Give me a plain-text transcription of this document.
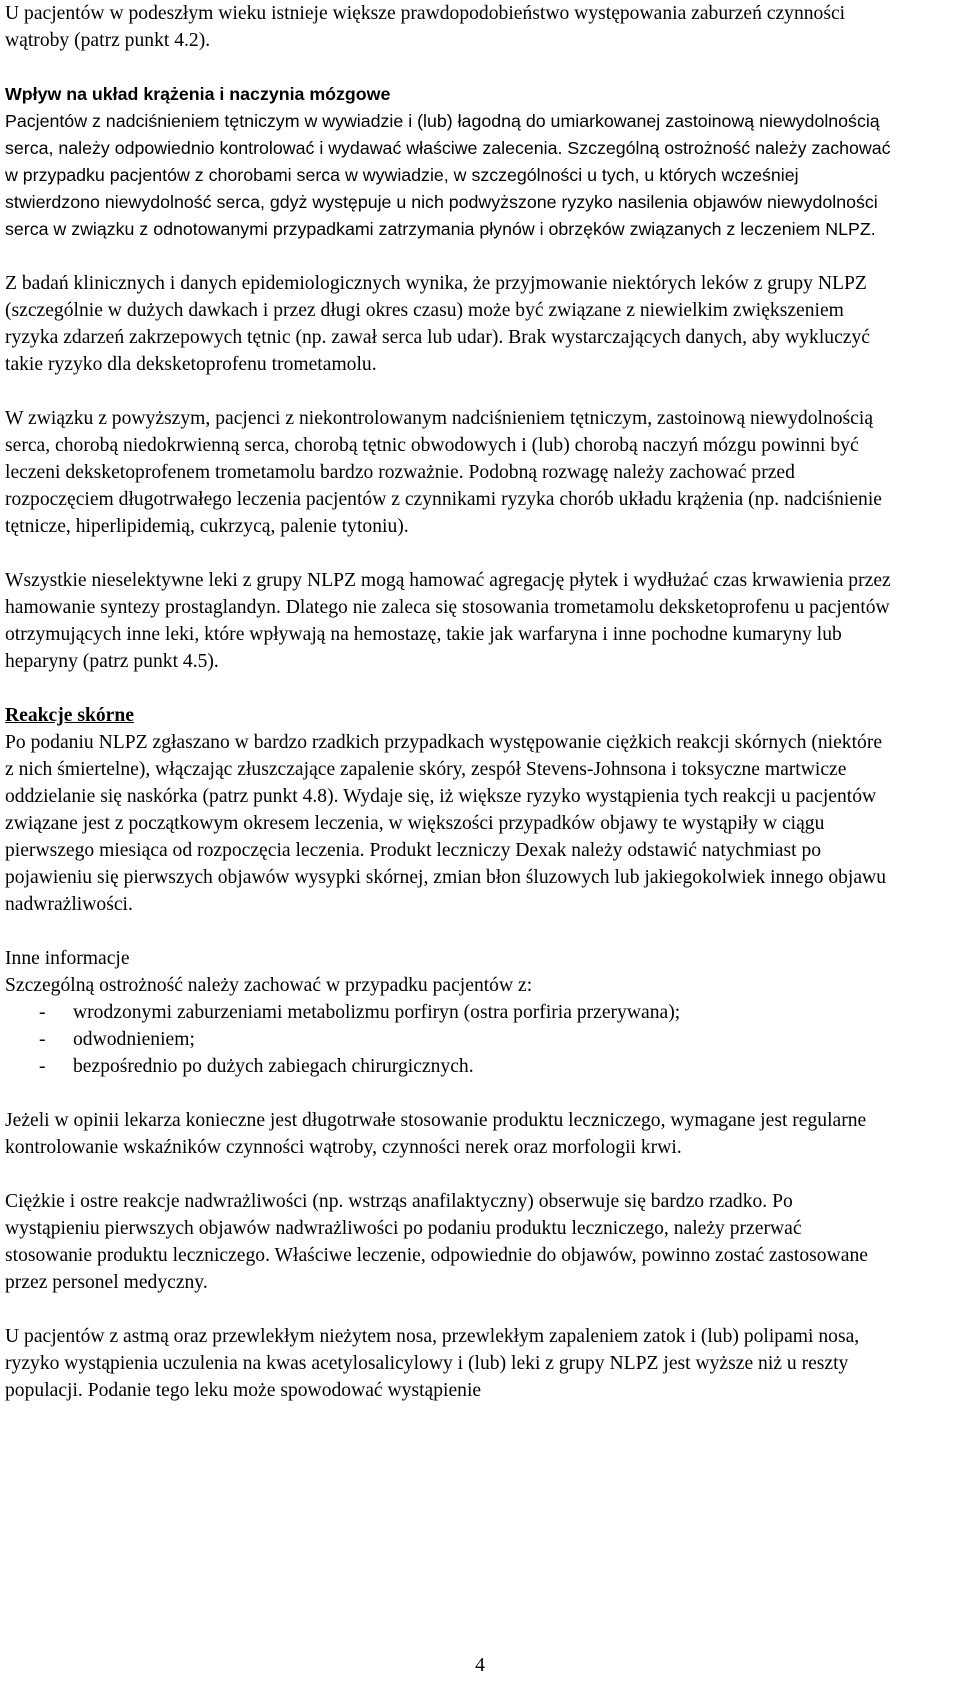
U pacjentów w podeszłym wieku istnieje większe prawdopodobieństwo występowania zaburzeń czynności wątroby (patrz punkt 4.2).

Wpływ na układ krążenia i naczynia mózgowe

Pacjentów z nadciśnieniem tętniczym w wywiadzie i (lub) łagodną do umiarkowanej zastoinową niewydolnością serca, należy odpowiednio kontrolować i wydawać właściwe zalecenia. Szczególną ostrożność należy zachować w przypadku pacjentów z chorobami serca w wywiadzie, w szczególności u tych, u których wcześniej stwierdzono niewydolność serca, gdyż występuje u nich podwyższone ryzyko nasilenia objawów niewydolności serca w związku z odnotowanymi przypadkami zatrzymania płynów i obrzęków związanych z leczeniem NLPZ.

Z badań klinicznych i danych epidemiologicznych wynika, że przyjmowanie niektórych leków z grupy NLPZ (szczególnie w dużych dawkach i przez długi okres czasu) może być związane z niewielkim zwiększeniem ryzyka zdarzeń zakrzepowych tętnic (np. zawał serca lub udar). Brak wystarczających danych, aby wykluczyć takie ryzyko dla deksketoprofenu trometamolu.

W związku z powyższym, pacjenci z niekontrolowanym nadciśnieniem tętniczym, zastoinową niewydolnością serca, chorobą niedokrwienną serca, chorobą tętnic obwodowych i (lub) chorobą naczyń mózgu powinni być leczeni deksketoprofenem trometamolu bardzo rozważnie. Podobną rozwagę należy zachować przed rozpoczęciem długotrwałego leczenia pacjentów z czynnikami ryzyka chorób układu krążenia (np. nadciśnienie tętnicze, hiperlipidemią, cukrzycą, palenie tytoniu).

Wszystkie nieselektywne leki z grupy NLPZ mogą hamować agregację płytek i wydłużać czas krwawienia przez hamowanie syntezy prostaglandyn. Dlatego nie zaleca się stosowania trometamolu deksketoprofenu u pacjentów otrzymujących inne leki, które wpływają na hemostazę, takie jak warfaryna i inne pochodne kumaryny lub heparyny (patrz punkt 4.5).

Reakcje skórne

Po podaniu NLPZ zgłaszano w bardzo rzadkich przypadkach występowanie ciężkich reakcji skórnych (niektóre z nich śmiertelne), włączając złuszczające zapalenie skóry, zespół Stevens-Johnsona i toksyczne martwicze oddzielanie się naskórka (patrz punkt 4.8). Wydaje się, iż większe ryzyko wystąpienia tych reakcji u pacjentów związane jest z początkowym okresem leczenia, w większości przypadków objawy te wystąpiły w ciągu pierwszego miesiąca od rozpoczęcia leczenia. Produkt leczniczy Dexak należy odstawić natychmiast po pojawieniu się pierwszych objawów wysypki skórnej, zmian błon śluzowych lub jakiegokolwiek innego objawu nadwrażliwości.

Inne informacje

Szczególną ostrożność należy zachować w przypadku pacjentów z:

- wrodzonymi zaburzeniami metabolizmu porfiryn (ostra porfiria przerywana);
- odwodnieniem;
- bezpośrednio po dużych zabiegach chirurgicznych.

Jeżeli w opinii lekarza konieczne jest długotrwałe stosowanie produktu leczniczego, wymagane jest regularne kontrolowanie wskaźników czynności wątroby, czynności nerek oraz morfologii krwi.

Ciężkie i ostre reakcje nadwrażliwości (np. wstrząs anafilaktyczny) obserwuje się bardzo rzadko. Po wystąpieniu pierwszych objawów nadwrażliwości po podaniu produktu leczniczego, należy przerwać stosowanie produktu leczniczego. Właściwe leczenie, odpowiednie do objawów, powinno zostać zastosowane przez personel medyczny.

U pacjentów z astmą oraz przewlekłym nieżytem nosa, przewlekłym zapaleniem zatok i (lub) polipami nosa, ryzyko wystąpienia uczulenia na kwas acetylosalicylowy i (lub) leki z grupy NLPZ jest wyższe niż u reszty populacji. Podanie tego leku może spowodować wystąpienie

4
